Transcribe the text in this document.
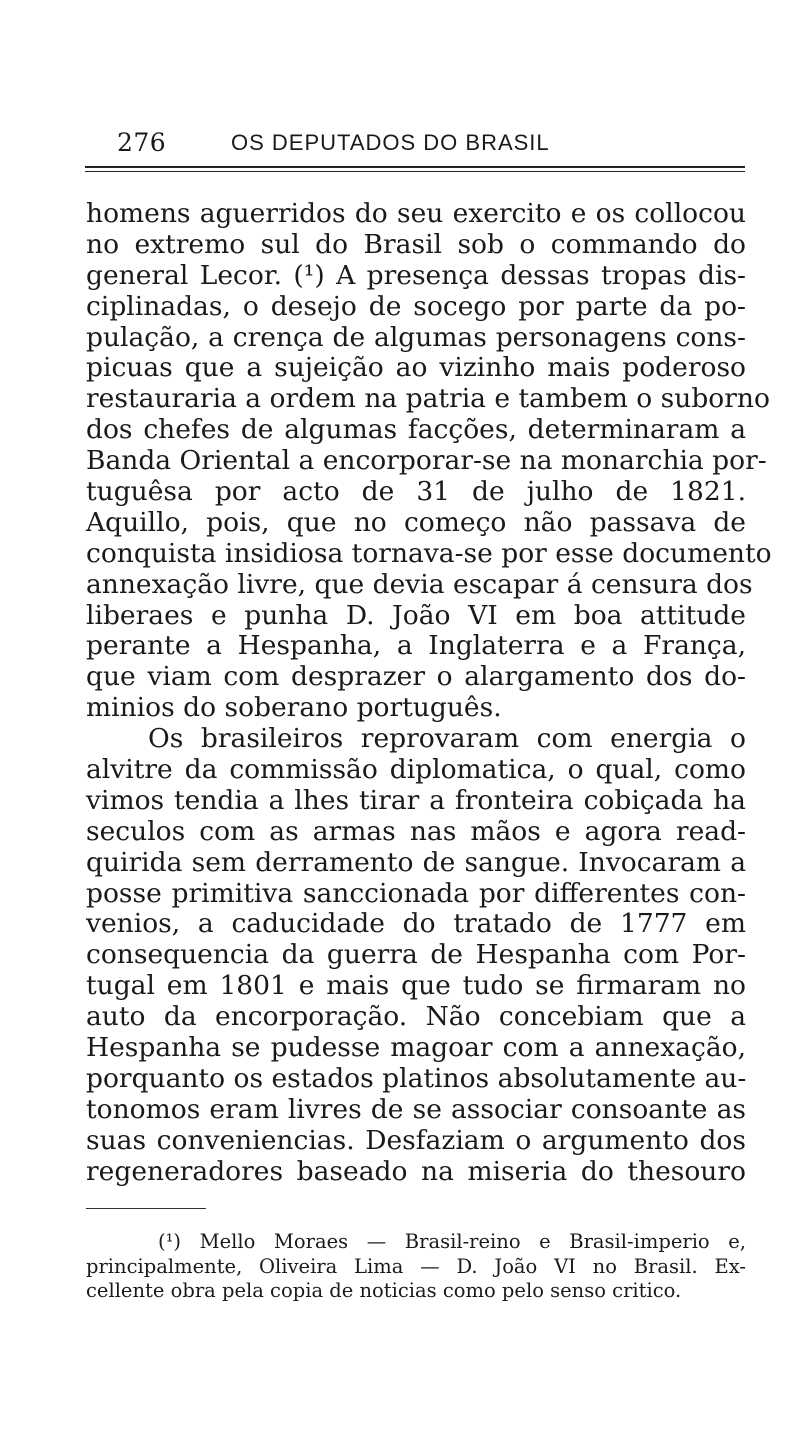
276	OS DEPUTADOS DO BRASIL
homens aguerridos do seu exercito e os collocou
no extremo sul do Brasil sob o commando do
general Lecor. (¹) A presença dessas tropas dis-
ciplinadas, o desejo de socego por parte da po-
pulação, a crença de algumas personagens cons-
picuas que a sujeição ao vizinho mais poderoso
restauraria a ordem na patria e tambem o suborno
dos chefes de algumas facções, determinaram a
Banda Oriental a encorporar-se na monarchia por-
tuguêsa por acto de 31 de julho de 1821.
Aquillo, pois, que no começo não passava de
conquista insidiosa tornava-se por esse documento
annexação livre, que devia escapar á censura dos
liberaes e punha D. João VI em boa attitude
perante a Hespanha, a Inglaterra e a França,
que viam com desprazer o alargamento dos do-
minios do soberano português.
Os brasileiros reprovaram com energia o
alvitre da commissão diplomatica, o qual, como
vimos tendia a lhes tirar a fronteira cobiçada ha
seculos com as armas nas mãos e agora read-
quirida sem derramento de sangue. Invocaram a
posse primitiva sanccionada por differentes con-
venios, a caducidade do tratado de 1777 em
consequencia da guerra de Hespanha com Por-
tugal em 1801 e mais que tudo se firmaram no
auto da encorporação. Não concebiam que a
Hespanha se pudesse magoar com a annexação,
porquanto os estados platinos absolutamente au-
tonomos eram livres de se associar consoante as
suas conveniencias. Desfaziam o argumento dos
regeneradores baseado na miseria do thesouro
(¹) Mello Moraes — Brasil-reino e Brasil-imperio e,
principalmente, Oliveira Lima — D. João VI no Brasil. Ex-
cellente obra pela copia de noticias como pelo senso critico.
